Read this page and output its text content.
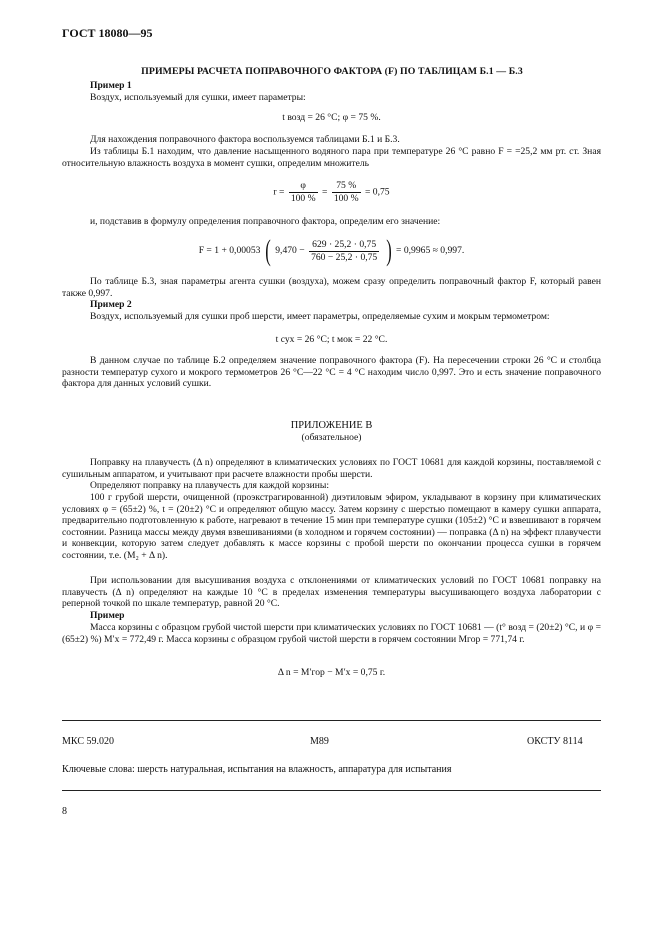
ГОСТ 18080—95
ПРИМЕРЫ РАСЧЕТА ПОПРАВОЧНОГО ФАКТОРА (F) ПО ТАБЛИЦАМ Б.1 — Б.3
Пример 1
Воздух, используемый для сушки, имеет параметры:
t возд = 26 °С; φ = 75 %.
Для нахождения поправочного фактора воспользуемся таблицами Б.1 и Б.3.
Из таблицы Б.1 находим, что давление насыщенного водяного пара при температуре 26 °С равно F = =25,2 мм рт. ст. Зная относительную влажность воздуха в момент сушки, определим множитель
$r = \frac{\varphi}{100 \%} = \frac{75 \%}{100 \%} = 0,75$
и, подставив в формулу определения поправочного фактора, определим его значение:
F = 1 + 0,00053 ( $9,470 - \frac{629 \cdot 25,2 \cdot 0,75}{760 - 25,2 \cdot 0,75}$ ) = 0,9965 ≈ 0,997.
По таблице Б.3, зная параметры агента сушки (воздуха), можем сразу определить поправочный фактор F, который равен также 0,997.
Пример 2
Воздух, используемый для сушки проб шерсти, имеет параметры, определяемые сухим и мокрым термометром:
t сух = 26 °С; t мок = 22 °С.
В данном случае по таблице Б.2 определяем значение поправочного фактора (F). На пересечении строки 26 °С и столбца разности температур сухого и мокрого термометров 26 °С—22 °С = 4 °С находим число 0,997. Это и есть значение поправочного фактора для данных условий сушки.
ПРИЛОЖЕНИЕ В
(обязательное)
Поправку на плавучесть (Δ n) определяют в климатических условиях по ГОСТ 10681 для каждой корзины, поставляемой с сушильным аппаратом, и учитывают при расчете влажности пробы шерсти.
Определяют поправку на плавучесть для каждой корзины:
100 г грубой шерсти, очищенной (проэкстрагированной) диэтиловым эфиром, укладывают в корзину при климатических условиях φ = (65±2) %, t = (20±2) °С и определяют общую массу. Затем корзину с шерстью помещают в камеру сушки аппарата, предварительно подготовленную к работе, нагревают в течение 15 мин при температуре сушки (105±2) °С и взвешивают в горячем состоянии. Разница массы между двумя взвешиваниями (в холодном и горячем состоянии) — поправка (Δ n) на эффект плавучести и конвекции, которую затем следует добавлять к массе корзины с пробой шерсти по окончании процесса сушки в горячем состоянии, т.е. (M₂ + Δ n).
При использовании для высушивания воздуха с отклонениями от климатических условий по ГОСТ 10681 поправку на плавучесть (Δ n) определяют на каждые 10 °С в пределах изменения температуры высушивающего воздуха лаборатории с реперной точкой по шкале температур, равной 20 °С.
Пример
Масса корзины с образцом грубой чистой шерсти при климатических условиях по ГОСТ 10681 — (t° возд = (20±2) °С, и φ = (65±2) %) M′х = 772,49 г. Масса корзины с образцом грубой чистой шерсти в горячем состоянии Mгор = 771,74 г.
Δ n = M′гор − M′х = 0,75 г.
МКС 59.020	M89	ОКСТУ 8114
Ключевые слова: шерсть натуральная, испытания на влажность, аппаратура для испытания
8
